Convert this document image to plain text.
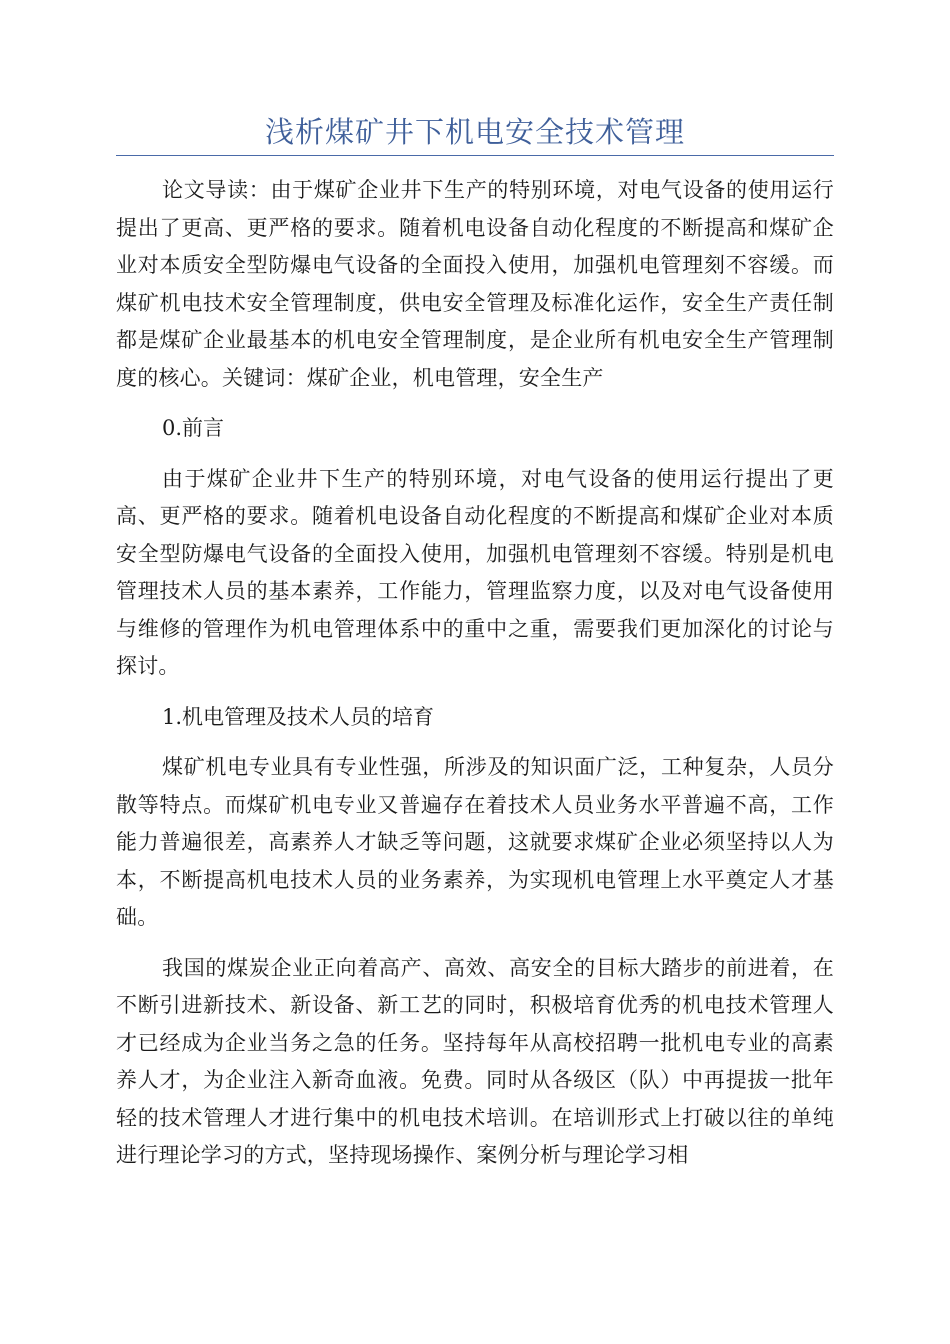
浅析煤矿井下机电安全技术管理

论文导读：由于煤矿企业井下生产的特别环境，对电气设备的使用运行提出了更高、更严格的要求。随着机电设备自动化程度的不断提高和煤矿企业对本质安全型防爆电气设备的全面投入使用，加强机电管理刻不容缓。而煤矿机电技术安全管理制度，供电安全管理及标准化运作，安全生产责任制都是煤矿企业最基本的机电安全管理制度，是企业所有机电安全生产管理制度的核心。关键词：煤矿企业，机电管理，安全生产

0.前言

由于煤矿企业井下生产的特别环境，对电气设备的使用运行提出了更高、更严格的要求。随着机电设备自动化程度的不断提高和煤矿企业对本质安全型防爆电气设备的全面投入使用，加强机电管理刻不容缓。特别是机电管理技术人员的基本素养，工作能力，管理监察力度，以及对电气设备使用与维修的管理作为机电管理体系中的重中之重，需要我们更加深化的讨论与探讨。

1.机电管理及技术人员的培育

煤矿机电专业具有专业性强，所涉及的知识面广泛，工种复杂，人员分散等特点。而煤矿机电专业又普遍存在着技术人员业务水平普遍不高，工作能力普遍很差，高素养人才缺乏等问题，这就要求煤矿企业必须坚持以人为本，不断提高机电技术人员的业务素养，为实现机电管理上水平奠定人才基础。

我国的煤炭企业正向着高产、高效、高安全的目标大踏步的前进着，在不断引进新技术、新设备、新工艺的同时，积极培育优秀的机电技术管理人才已经成为企业当务之急的任务。坚持每年从高校招聘一批机电专业的高素养人才，为企业注入新奇血液。免费。同时从各级区（队）中再提拔一批年轻的技术管理人才进行集中的机电技术培训。在培训形式上打破以往的单纯进行理论学习的方式，坚持现场操作、案例分析与理论学习相
